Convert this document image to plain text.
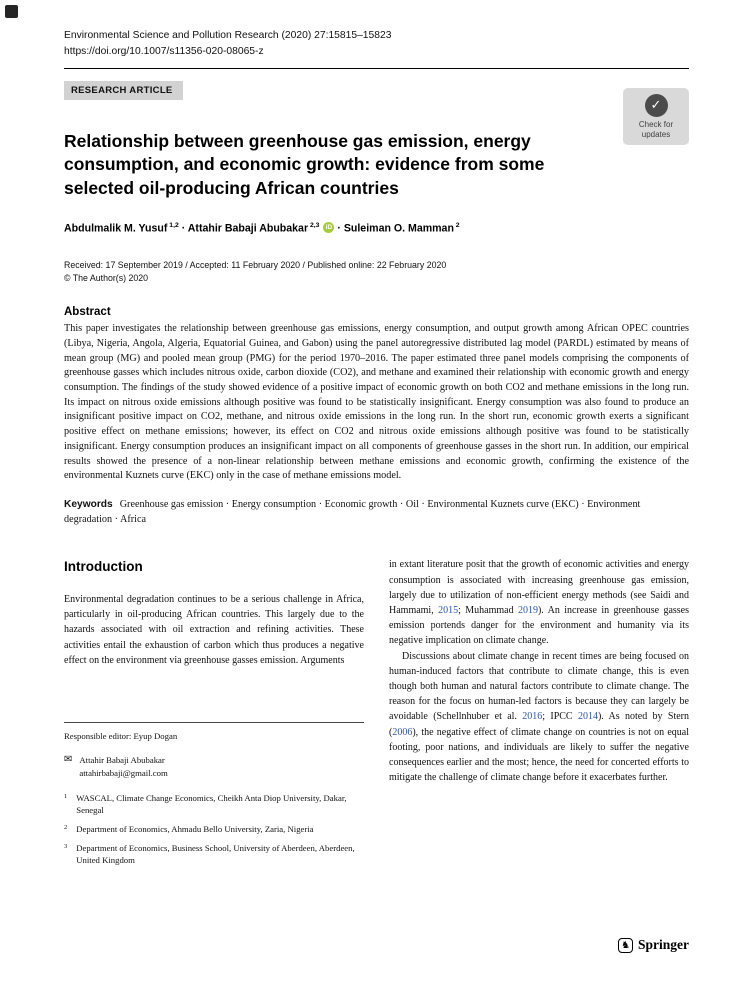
✓
Check for
updates
Environmental Science and Pollution Research (2020) 27:15815–15823
https://doi.org/10.1007/s11356-020-08065-z
RESEARCH ARTICLE
Relationship between greenhouse gas emission, energy consumption, and economic growth: evidence from some selected oil-producing African countries
Abdulmalik M. Yusuf $^{1,2}$ · Attahir Babaji Abubakar $^{2,3}$ iD · Suleiman O. Mamman $^2$
Received: 17 September 2019 / Accepted: 11 February 2020 / Published online: 22 February 2020
© The Author(s) 2020
Abstract

This paper investigates the relationship between greenhouse gas emissions, energy consumption, and output growth among African OPEC countries (Libya, Nigeria, Angola, Algeria, Equatorial Guinea, and Gabon) using the panel autoregressive distributed lag model (PARDL) estimated by means of mean group (MG) and pooled mean group (PMG) for the period 1970–2016. The paper estimated three panel models comprising the components of greenhouse gasses which includes nitrous oxide, carbon dioxide (CO2), and methane and examined their relationship with economic growth and energy consumption. The findings of the study showed evidence of a positive impact of economic growth on both CO2 and methane emissions in the long run. Its impact on nitrous oxide emissions although positive was found to be statistically insignificant. Energy consumption was also found to produce an insignificant positive impact on CO2, methane, and nitrous oxide emissions in the long run. In the short run, economic growth exerts a significant positive effect on methane emissions; however, its effect on CO2 and nitrous oxide emissions although positive was found to be statistically insignificant. Energy consumption produces an insignificant impact on all components of greenhouse gasses in the short run. In addition, our empirical results showed the presence of a non-linear relationship between methane emissions and economic growth, confirming the existence of the environmental Kuznets curve (EKC) only in the case of methane emissions model.

Keywords Greenhouse gas emission · Energy consumption · Economic growth · Oil · Environmental Kuznets curve (EKC) · Environment degradation · Africa
Introduction

Environmental degradation continues to be a serious challenge in Africa, particularly in oil-producing African countries. This largely due to the hazards associated with oil extraction and refining activities. These activities entail the exhaustion of carbon which thus produces a negative effect on the environment via greenhouse gasses emission. Arguments

Responsible editor: Eyup Dogan
✉ Attahir Babaji Abubakar
attahirbabaji@gmail.com
1 WASCAL, Climate Change Economics, Cheikh Anta Diop University, Dakar, Senegal
2 Department of Economics, Ahmadu Bello University, Zaria, Nigeria
3 Department of Economics, Business School, University of Aberdeen, Aberdeen, United Kingdom

in extant literature posit that the growth of economic activities and energy consumption is associated with increasing greenhouse gas emission, largely due to utilization of non-efficient energy methods (see Saidi and Hammami, 2015; Muhammad 2019). An increase in greenhouse gasses emission portends danger for the environment and humanity via its negative implication on climate change.

Discussions about climate change in recent times are being focused on human-induced factors that contribute to climate change, this is even though both human and natural factors contribute to climate change. The reason for the focus on human-led factors is because they can largely be avoidable (Schellnhuber et al. 2016; IPCC 2014). As noted by Stern (2006), the negative effect of climate change on countries is not on equal footing, poor nations, and individuals are likely to suffer the negative consequences earlier and the most; hence, the need for concerted efforts to mitigate the challenge of climate change before it exacerbates further.

♞ Springer
